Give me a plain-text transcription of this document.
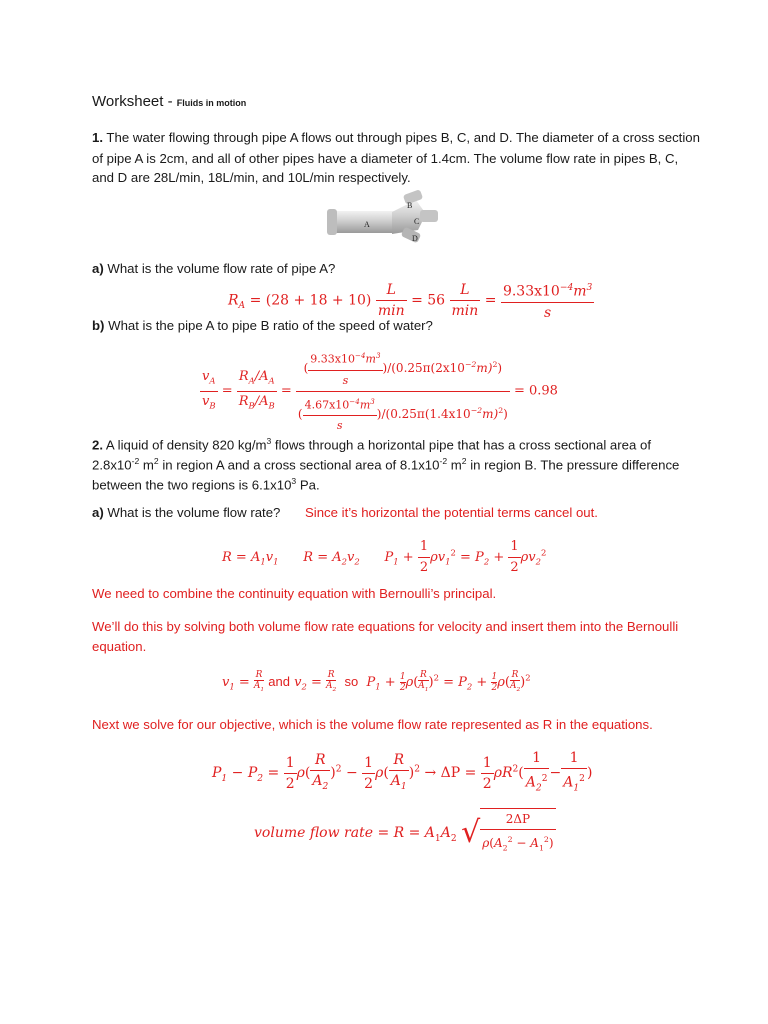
Worksheet - Fluids in motion
1. The water flowing through pipe A flows out through pipes B, C, and D. The diameter of a cross section
of pipe A is 2cm, and all of other pipes have a diameter of 1.4cm. The volume flow rate in pipes B, C,
and D are 28L/min, 18L/min, and 10L/min respectively.
A
B
C
D
a) What is the volume flow rate of pipe A?
$R_A = (28 + 18 + 10) \frac{L}{\min} = 56 \frac{L}{\min} = \frac{9.33x10^{-4}m^3}{s}$
b) What is the pipe A to pipe B ratio of the speed of water?
$\frac{v_A}{v_B} = \frac{R_A/A_A}{R_B/A_B} = \frac{( \frac{9.33x10^{-4}m^3}{s} )/(0.25\pi(2x10^{-2}m)^2)}{( \frac{4.67x10^{-4}m^3}{s} )/(0.25\pi(1.4x10^{-2}m)^2)} = 0.98$
2. A liquid of density 820 $kg/m^3$ flows through a horizontal pipe that has a cross sectional area of
$2.8x10^{-2}$ $m^2$ in region A and a cross sectional area of $8.1x10^{-2}$ $m^2$ in region B. The pressure difference
between the two regions is $6.1x10^3$ Pa.
a) What is the volume flow rate? Since it’s horizontal the potential terms cancel out.
$R = A_1v_1$      $R = A_2v_2$      $P_1 + \frac{1}{2} \rho v_1^2 = P_2 + \frac{1}{2} \rho v_2^2$
We need to combine the continuity equation with Bernoulli’s principal.
We’ll do this by solving both volume flow rate equations for velocity and insert them into the Bernoulli
equation.
$v_1 = \frac{R}{A_1}$ and $v_2 = \frac{R}{A_2}$ so  $P_1 + \frac{1}{2} \rho( \frac{R}{A_1} )^2 = P_2 + \frac{1}{2} \rho( \frac{R}{A_2} )^2$
Next we solve for our objective, which is the volume flow rate represented as R in the equations.
$P_1 - P_2 = \frac{1}{2} \rho( \frac{R}{A_2} )^2 - \frac{1}{2} \rho( \frac{R}{A_1} )^2 \to \Delta P = \frac{1}{2} \rho R^2( \frac{1}{A_2^2} - \frac{1}{A_1^2}$ )
volume flow rate = $R = A_1A_2$ √ $\frac{2\Delta P}{\rho(A_2^2 - A_1^2)}$
